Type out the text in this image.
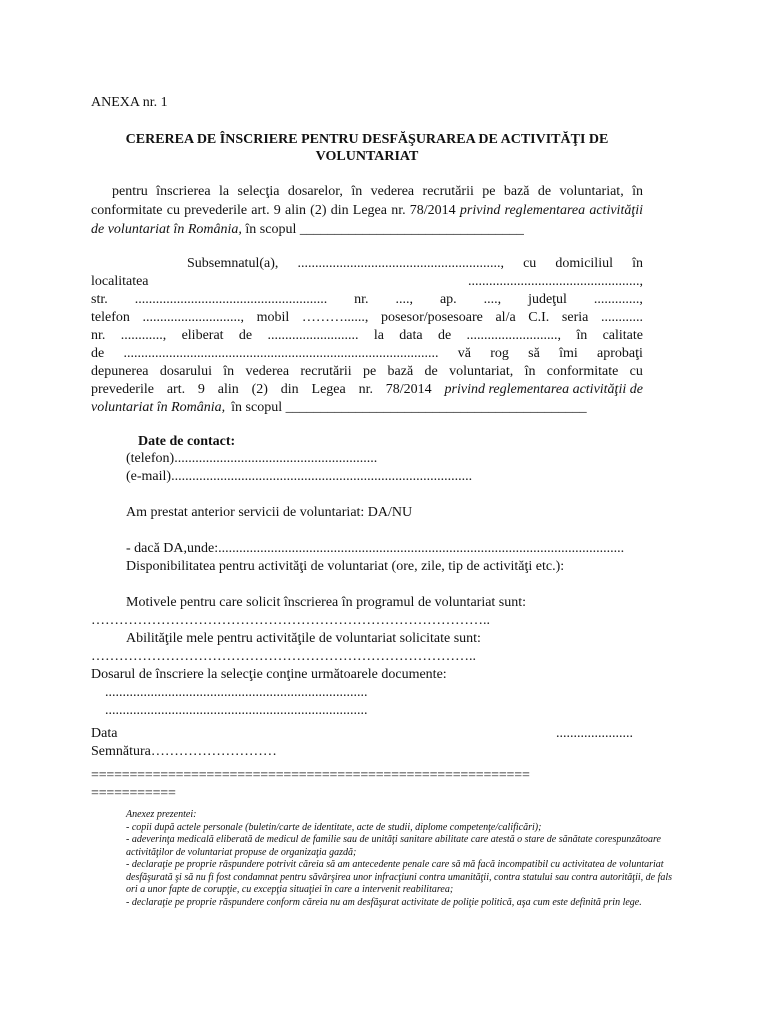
ANEXA nr. 1
CEREREA DE ÎNSCRIERE PENTRU DESFĂŞURAREA DE ACTIVITĂŢI DE VOLUNTARIAT
pentru înscrierea la selecţia dosarelor, în vederea recrutării pe bază de voluntariat, în conformitate cu prevederile art. 9 alin (2) din Legea nr. 78/2014 privind reglementarea activităţii de voluntariat în România, în scopul ________________________________
Subsemnatul(a), .........................................................., cu domiciliul în
localitatea	.................................................,
str. ....................................................... nr. ...., ap. ...., judeţul .............,
telefon ............................, mobil ………......, posesor/posesoare al/a C.I. seria ............
nr. ............, eliberat de .......................... la data de .........................., în calitate
de .......................................................................................... vă rog să îmi aprobaţi
depunerea dosarului în vederea recrutării pe bază de voluntariat, în conformitate cu
prevederile art. 9 alin (2) din Legea nr. 78/2014 privind reglementarea activităţii de
voluntariat în România, în scopul ___________________________________________
Date de contact:
(telefon)..........................................................
(e-mail)......................................................................................
Am prestat anterior servicii de voluntariat: DA/NU
- dacă DA,unde:....................................................................................................................
Disponibilitatea pentru activităţi de voluntariat (ore, zile, tip de activităţi etc.):
Motivele pentru care solicit înscrierea în programul de voluntariat sunt:
…………………………………………………………………………..
Abilităţile mele pentru activităţile de voluntariat solicitate sunt:
………………………………………………………………………..
Dosarul de înscriere la selecţie conţine următoarele documente:
...........................................................................
...........................................................................
Data	......................
Semnătura………………………
=========================================================
===========
Anexez prezentei:
- copii după actele personale (buletin/carte de identitate, acte de studii, diplome competenţe/calificări);
- adeverinţa medicală eliberată de medicul de familie sau de unităţi sanitare abilitate care atestă o stare de sănătate corespunzătoare activităţilor de voluntariat propuse de organizaţia gazdă;
- declaraţie pe proprie răspundere potrivit căreia să am antecedente penale care să mă facă incompatibil cu activitatea de voluntariat desfăşurată şi să nu fi fost condamnat pentru săvârşirea unor infracţiuni contra umanităţii, contra statului sau contra autorităţii, de fals ori a unor fapte de corupţie, cu excepţia situaţiei în care a intervenit reabilitarea;
- declaraţie pe proprie răspundere conform căreia nu am desfăşurat activitate de poliţie politică, aşa cum este definită prin lege.
